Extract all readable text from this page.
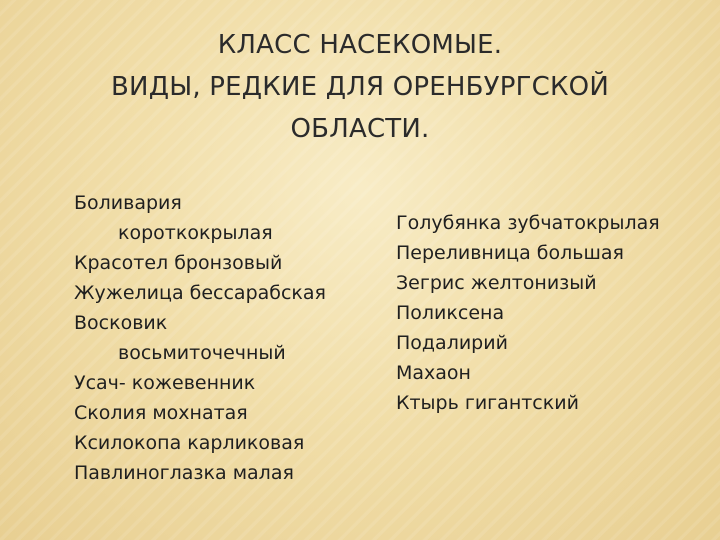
КЛАСС НАСЕКОМЫЕ.
ВИДЫ, РЕДКИЕ ДЛЯ ОРЕНБУРГСКОЙ
ОБЛАСТИ.
Боливария
короткокрылая
Красотел бронзовый
Жужелица бессарабская
Восковик
восьмиточечный
Усач- кожевенник
Сколия мохнатая
Ксилокопа карликовая
Павлиноглазка малая
Голубянка зубчатокрылая
Переливница большая
Зегрис желтонизый
Поликсена
Подалирий
Махаон
Ктырь гигантский
